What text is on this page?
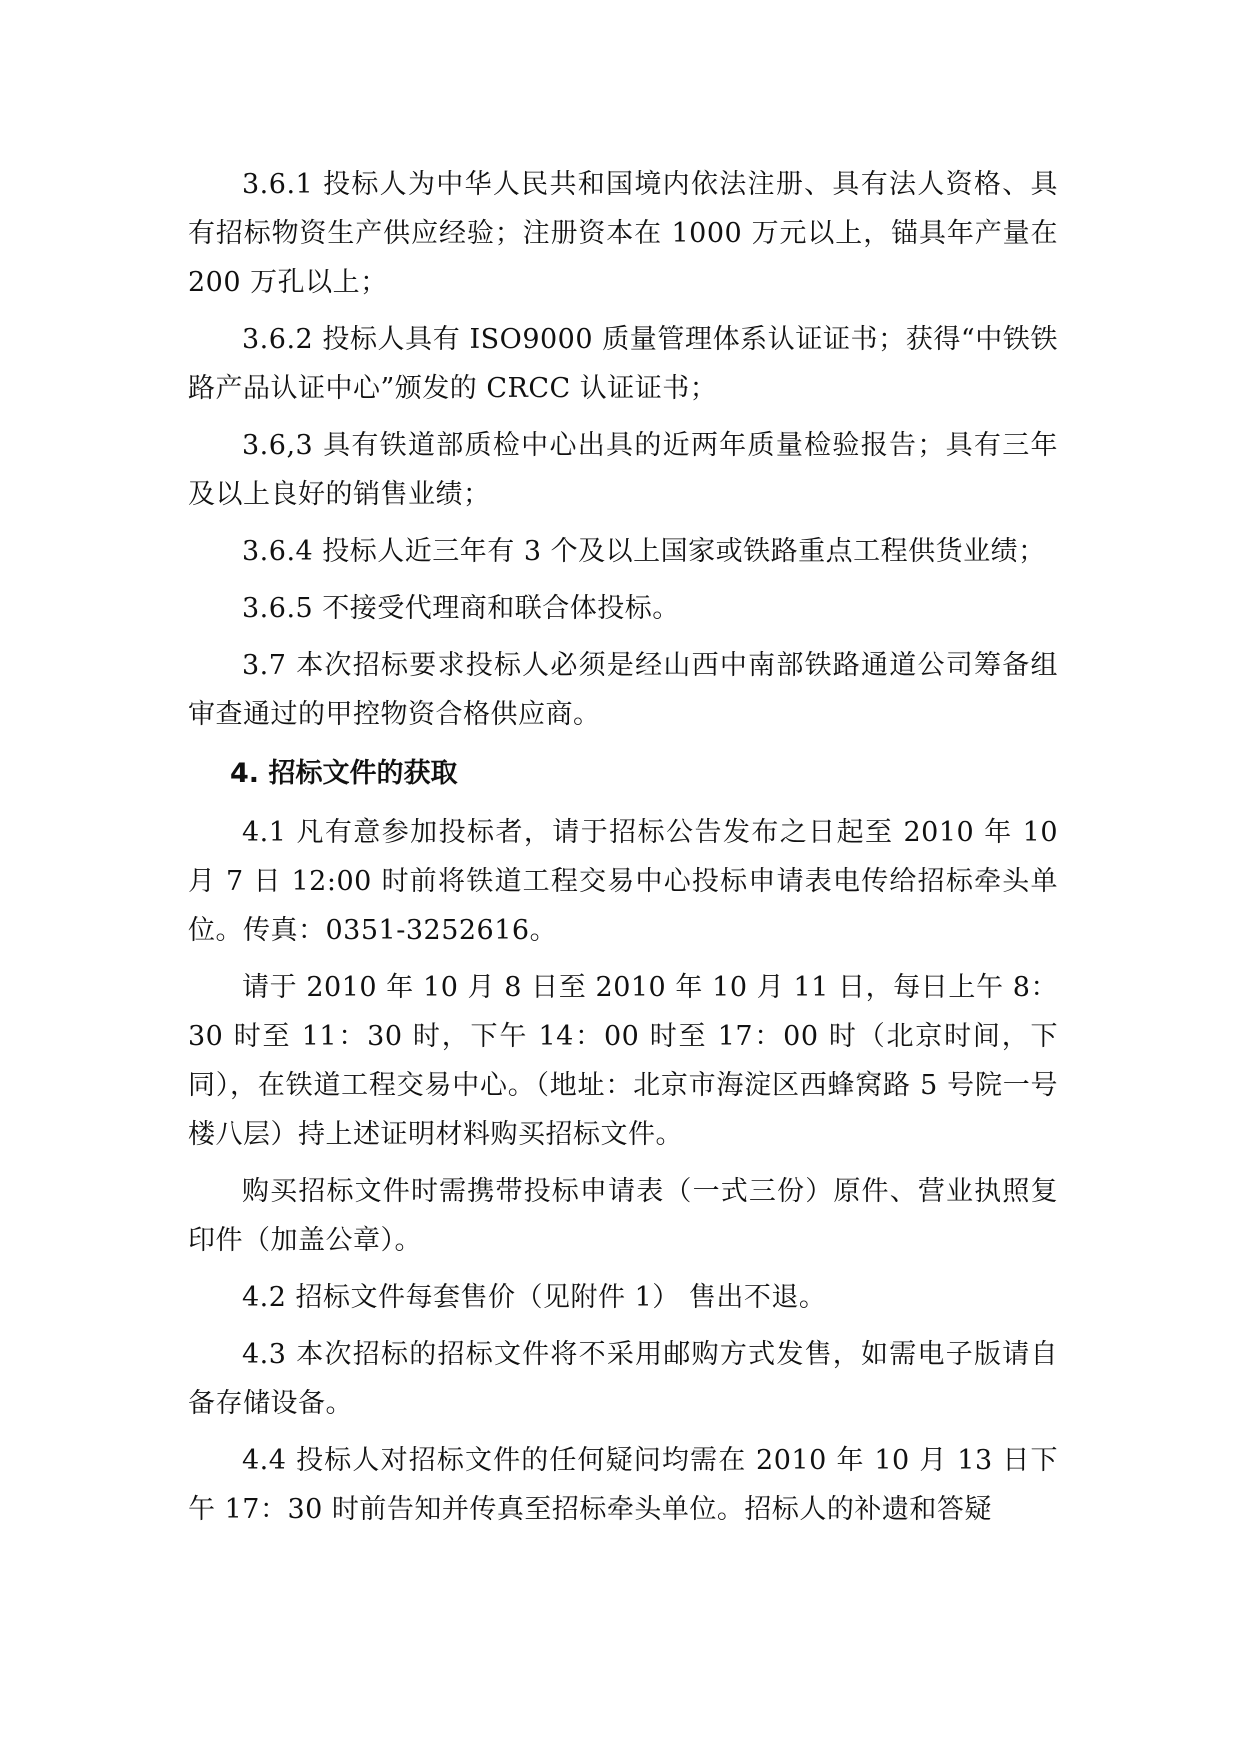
3.6.1 投标人为中华人民共和国境内依法注册、具有法人资格、具有招标物资生产供应经验；注册资本在 1000 万元以上，锚具年产量在 200 万孔以上；

3.6.2 投标人具有 ISO9000 质量管理体系认证证书；获得“中铁铁路产品认证中心”颁发的 CRCC 认证证书；

3.6,3 具有铁道部质检中心出具的近两年质量检验报告；具有三年及以上良好的销售业绩；

3.6.4 投标人近三年有 3 个及以上国家或铁路重点工程供货业绩；

3.6.5 不接受代理商和联合体投标。

3.7 本次招标要求投标人必须是经山西中南部铁路通道公司筹备组审查通过的甲控物资合格供应商。

4. 招标文件的获取

4.1 凡有意参加投标者，请于招标公告发布之日起至 2010 年 10 月 7 日 12:00 时前将铁道工程交易中心投标申请表电传给招标牵头单位。传真：0351-3252616。

请于 2010 年 10 月 8 日至 2010 年 10 月 11 日，每日上午 8：30 时至 11：30 时，下午 14：00 时至 17：00 时（北京时间，下同），在铁道工程交易中心。（地址：北京市海淀区西蜂窝路 5 号院一号楼八层）持上述证明材料购买招标文件。

购买招标文件时需携带投标申请表（一式三份）原件、营业执照复印件（加盖公章）。

4.2 招标文件每套售价（见附件 1） 售出不退。

4.3 本次招标的招标文件将不采用邮购方式发售，如需电子版请自备存储设备。

4.4 投标人对招标文件的任何疑问均需在 2010 年 10 月 13 日下午 17：30 时前告知并传真至招标牵头单位。招标人的补遗和答疑
